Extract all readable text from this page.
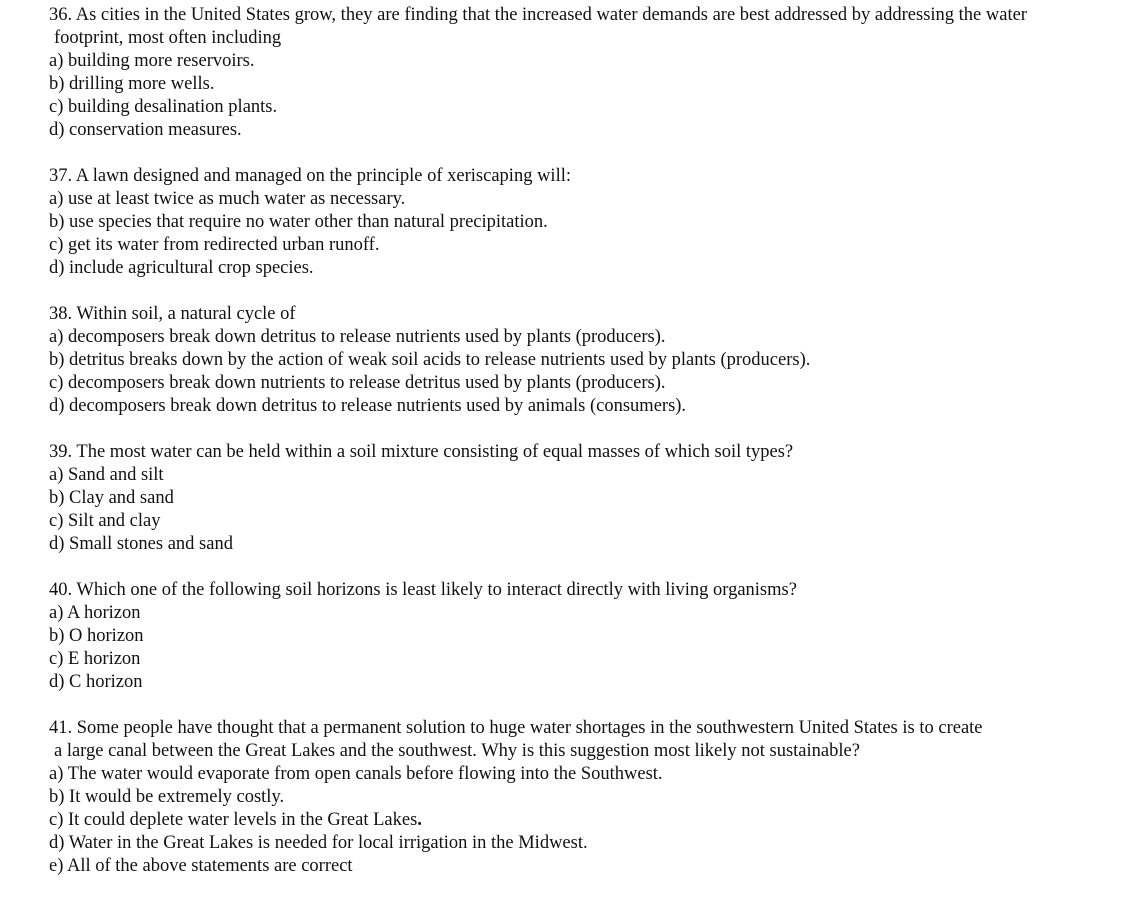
36. As cities in the United States grow, they are finding that the increased water demands are best addressed by addressing the water

footprint, most often including

a) building more reservoirs.

b) drilling more wells.

c) building desalination plants.

d) conservation measures.

37. A lawn designed and managed on the principle of xeriscaping will:

a) use at least twice as much water as necessary.

b) use species that require no water other than natural precipitation.

c) get its water from redirected urban runoff.

d) include agricultural crop species.

38. Within soil, a natural cycle of

a) decomposers break down detritus to release nutrients used by plants (producers).

b) detritus breaks down by the action of weak soil acids to release nutrients used by plants (producers).

c) decomposers break down nutrients to release detritus used by plants (producers).

d) decomposers break down detritus to release nutrients used by animals (consumers).

39. The most water can be held within a soil mixture consisting of equal masses of which soil types?

a) Sand and silt

b) Clay and sand

c) Silt and clay

d) Small stones and sand

40. Which one of the following soil horizons is least likely to interact directly with living organisms?

a) A horizon

b) O horizon

c) E horizon

d) C horizon

41. Some people have thought that a permanent solution to huge water shortages in the southwestern United States is to create

a large canal between the Great Lakes and the southwest. Why is this suggestion most likely not sustainable?

a) The water would evaporate from open canals before flowing into the Southwest.

b) It would be extremely costly.

c) It could deplete water levels in the Great Lakes.

d) Water in the Great Lakes is needed for local irrigation in the Midwest.

e) All of the above statements are correct
